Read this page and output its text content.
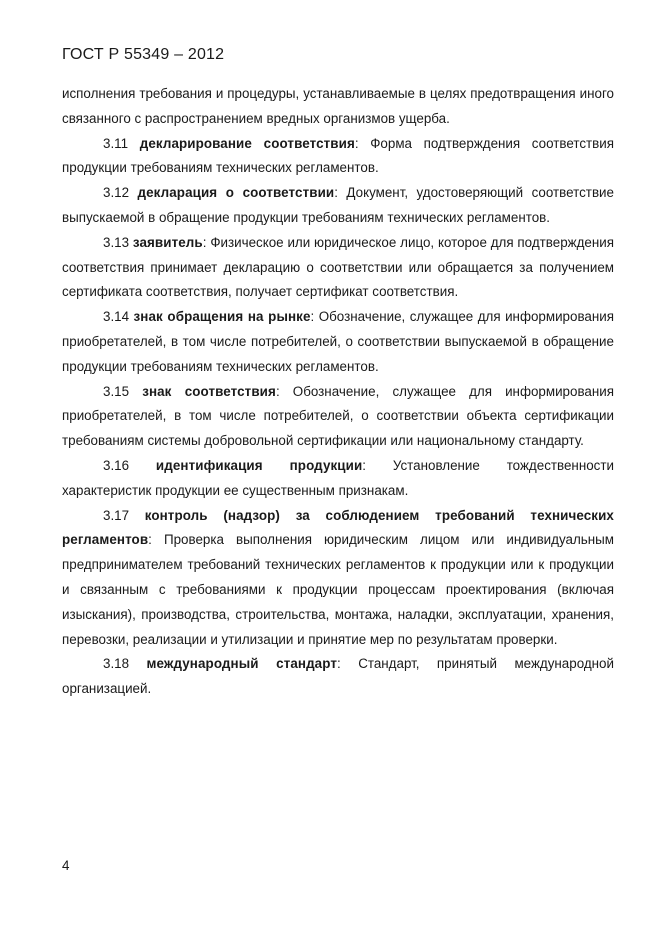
ГОСТ Р 55349 – 2012

исполнения требования и процедуры, устанавливаемые в целях предотвращения иного связанного с распространением вредных организмов ущерба.

3.11 декларирование соответствия: Форма подтверждения соответствия продукции требованиям технических регламентов.

3.12 декларация о соответствии: Документ, удостоверяющий соответствие выпускаемой в обращение продукции требованиям технических регламентов.

3.13 заявитель: Физическое или юридическое лицо, которое для подтверждения соответствия принимает декларацию о соответствии или обращается за получением сертификата соответствия, получает сертификат соответствия.

3.14 знак обращения на рынке: Обозначение, служащее для информирования приобретателей, в том числе потребителей, о соответствии выпускаемой в обращение продукции требованиям технических регламентов.

3.15 знак соответствия: Обозначение, служащее для информирования приобретателей, в том числе потребителей, о соответствии объекта сертификации требованиям системы добровольной сертификации или национальному стандарту.

3.16 идентификация продукции: Установление тождественности характеристик продукции ее существенным признакам.

3.17 контроль (надзор) за соблюдением требований технических регламентов: Проверка выполнения юридическим лицом или индивидуальным предпринимателем требований технических регламентов к продукции или к продукции и связанным с требованиями к продукции процессам проектирования (включая изыскания), производства, строительства, монтажа, наладки, эксплуатации, хранения, перевозки, реализации и утилизации и принятие мер по результатам проверки.

3.18 международный стандарт: Стандарт, принятый международной организацией.

4
